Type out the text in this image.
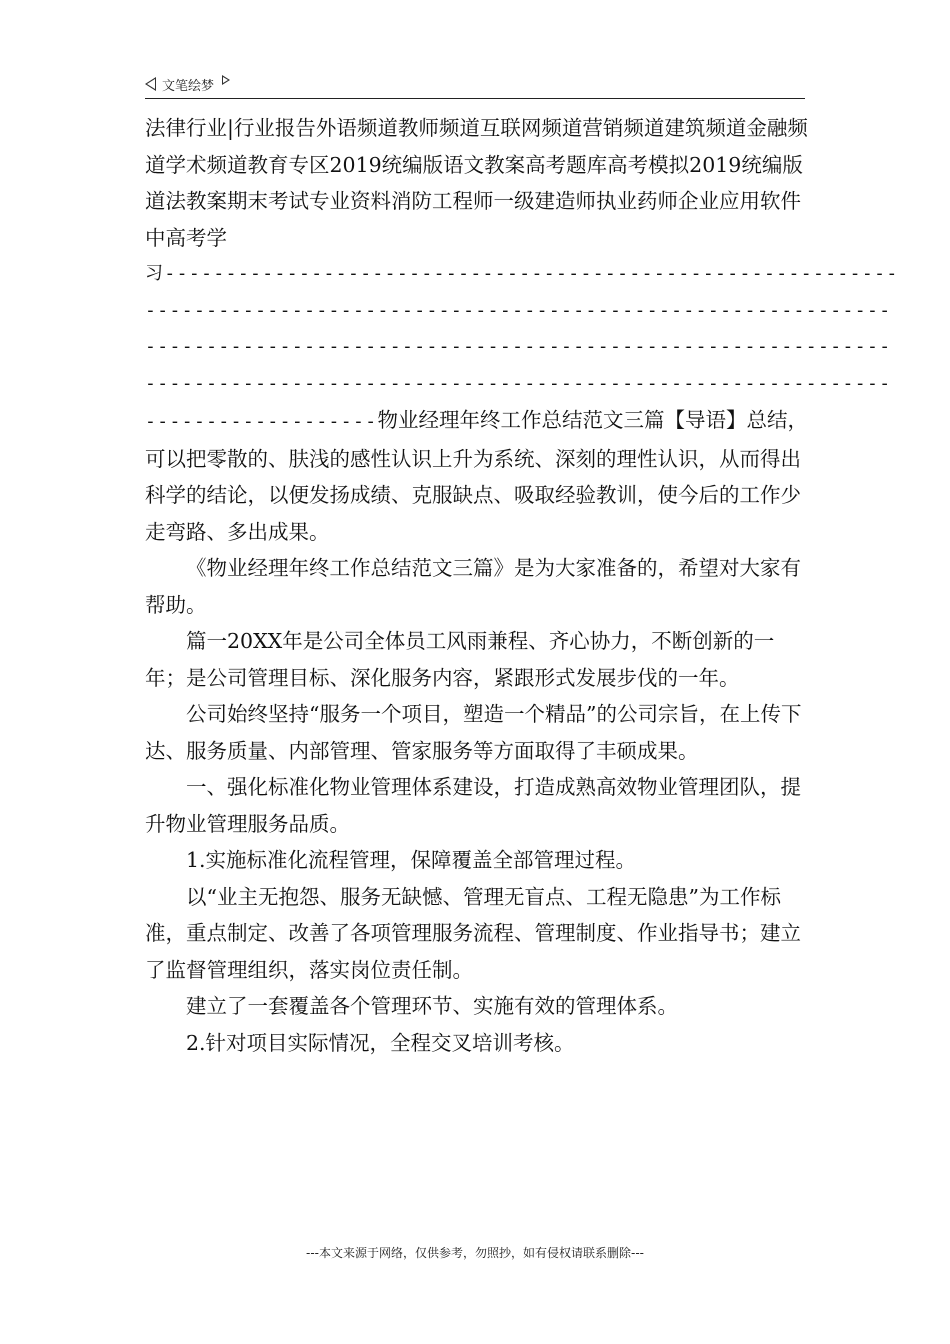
文笔绘梦

法律行业|行业报告外语频道教师频道互联网频道营销频道建筑频道金融频道学术频道教育专区2019统编版语文教案高考题库高考模拟2019统编版道法教案期末考试专业资料消防工程师一级建造师执业药师企业应用软件中高考学

习------------------------------------------------------------
-------------------------------------------------------------
-------------------------------------------------------------
-------------------------------------------------------------

-------------------物业经理年终工作总结范文三篇【导语】总结，可以把零散的、肤浅的感性认识上升为系统、深刻的理性认识，从而得出科学的结论，以便发扬成绩、克服缺点、吸取经验教训，使今后的工作少走弯路、多出成果。

《物业经理年终工作总结范文三篇》是为大家准备的，希望对大家有帮助。

篇一20XX年是公司全体员工风雨兼程、齐心协力，不断创新的一年；是公司管理目标、深化服务内容，紧跟形式发展步伐的一年。

公司始终坚持“服务一个项目，塑造一个精品”的公司宗旨，在上传下达、服务质量、内部管理、管家服务等方面取得了丰硕成果。

一、强化标准化物业管理体系建设，打造成熟高效物业管理团队，提升物业管理服务品质。

1.实施标准化流程管理，保障覆盖全部管理过程。

以“业主无抱怨、服务无缺憾、管理无盲点、工程无隐患”为工作标准，重点制定、改善了各项管理服务流程、管理制度、作业指导书；建立了监督管理组织，落实岗位责任制。

建立了一套覆盖各个管理环节、实施有效的管理体系。

2.针对项目实际情况，全程交叉培训考核。

---本文来源于网络，仅供参考，勿照抄，如有侵权请联系删除---
